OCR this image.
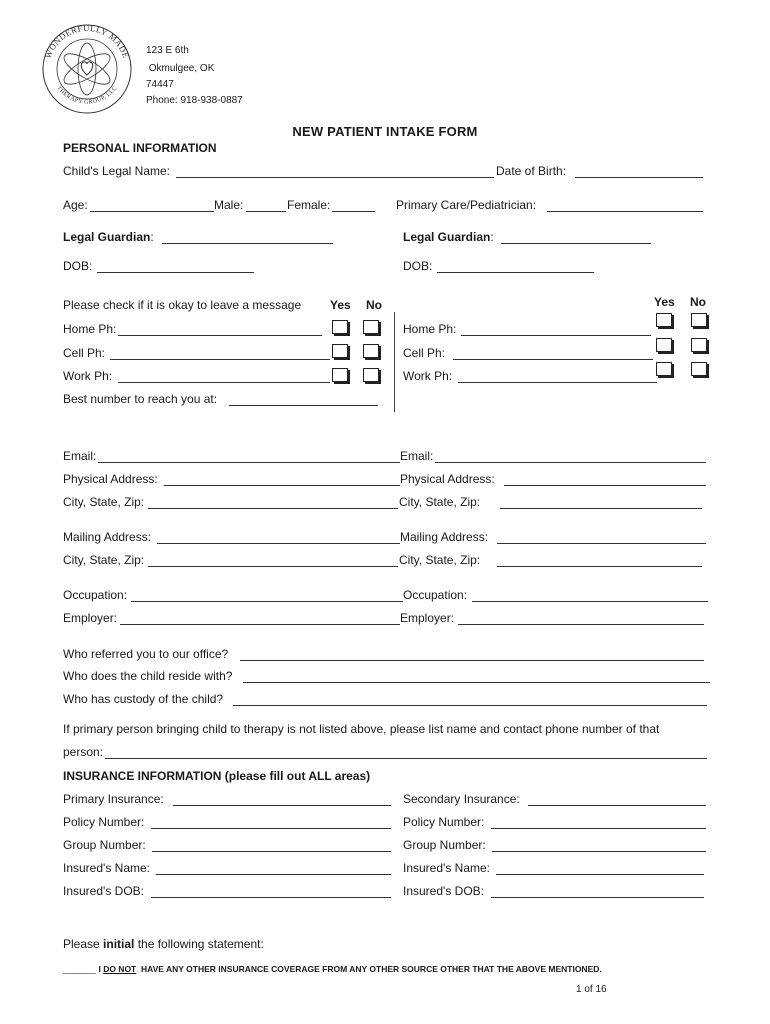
WONDERFULLY MADE
THERAPY GROUP, LLC
123 E 6th
Okmulgee, OK
74447
Phone: 918-938-0887
NEW PATIENT INTAKE FORM
PERSONAL INFORMATION
Child's Legal Name:	Date of Birth:
Age:	Male:	Female:	Primary Care/Pediatrician:
Legal Guardian:	Legal Guardian:
DOB:	DOB:
Please check if it is okay to leave a message Yes No	Yes No
Home Ph:
Cell Ph:
Work Ph:
Best number to reach you at:
Home Ph:
Cell Ph:
Work Ph:
Email:	Email:
Physical Address:	Physical Address:
City, State, Zip:	City, State, Zip:
Mailing Address:	Mailing Address:
City, State, Zip:	City, State, Zip:
Occupation:	Occupation:
Employer:	Employer:
Who referred you to our office?
Who does the child reside with?
Who has custody of the child?
If primary person bringing child to therapy is not listed above, please list name and contact phone number of that
person:
INSURANCE INFORMATION (please fill out ALL areas)
Primary Insurance:	Secondary Insurance:
Policy Number:	Policy Number:
Group Number:	Group Number:
Insured's Name:	Insured's Name:
Insured's DOB:	Insured's DOB:
Please initial the following statement:
_______ I DO NOT  HAVE ANY OTHER INSURANCE COVERAGE FROM ANY OTHER SOURCE OTHER THAT THE ABOVE MENTIONED.
1 of 16
